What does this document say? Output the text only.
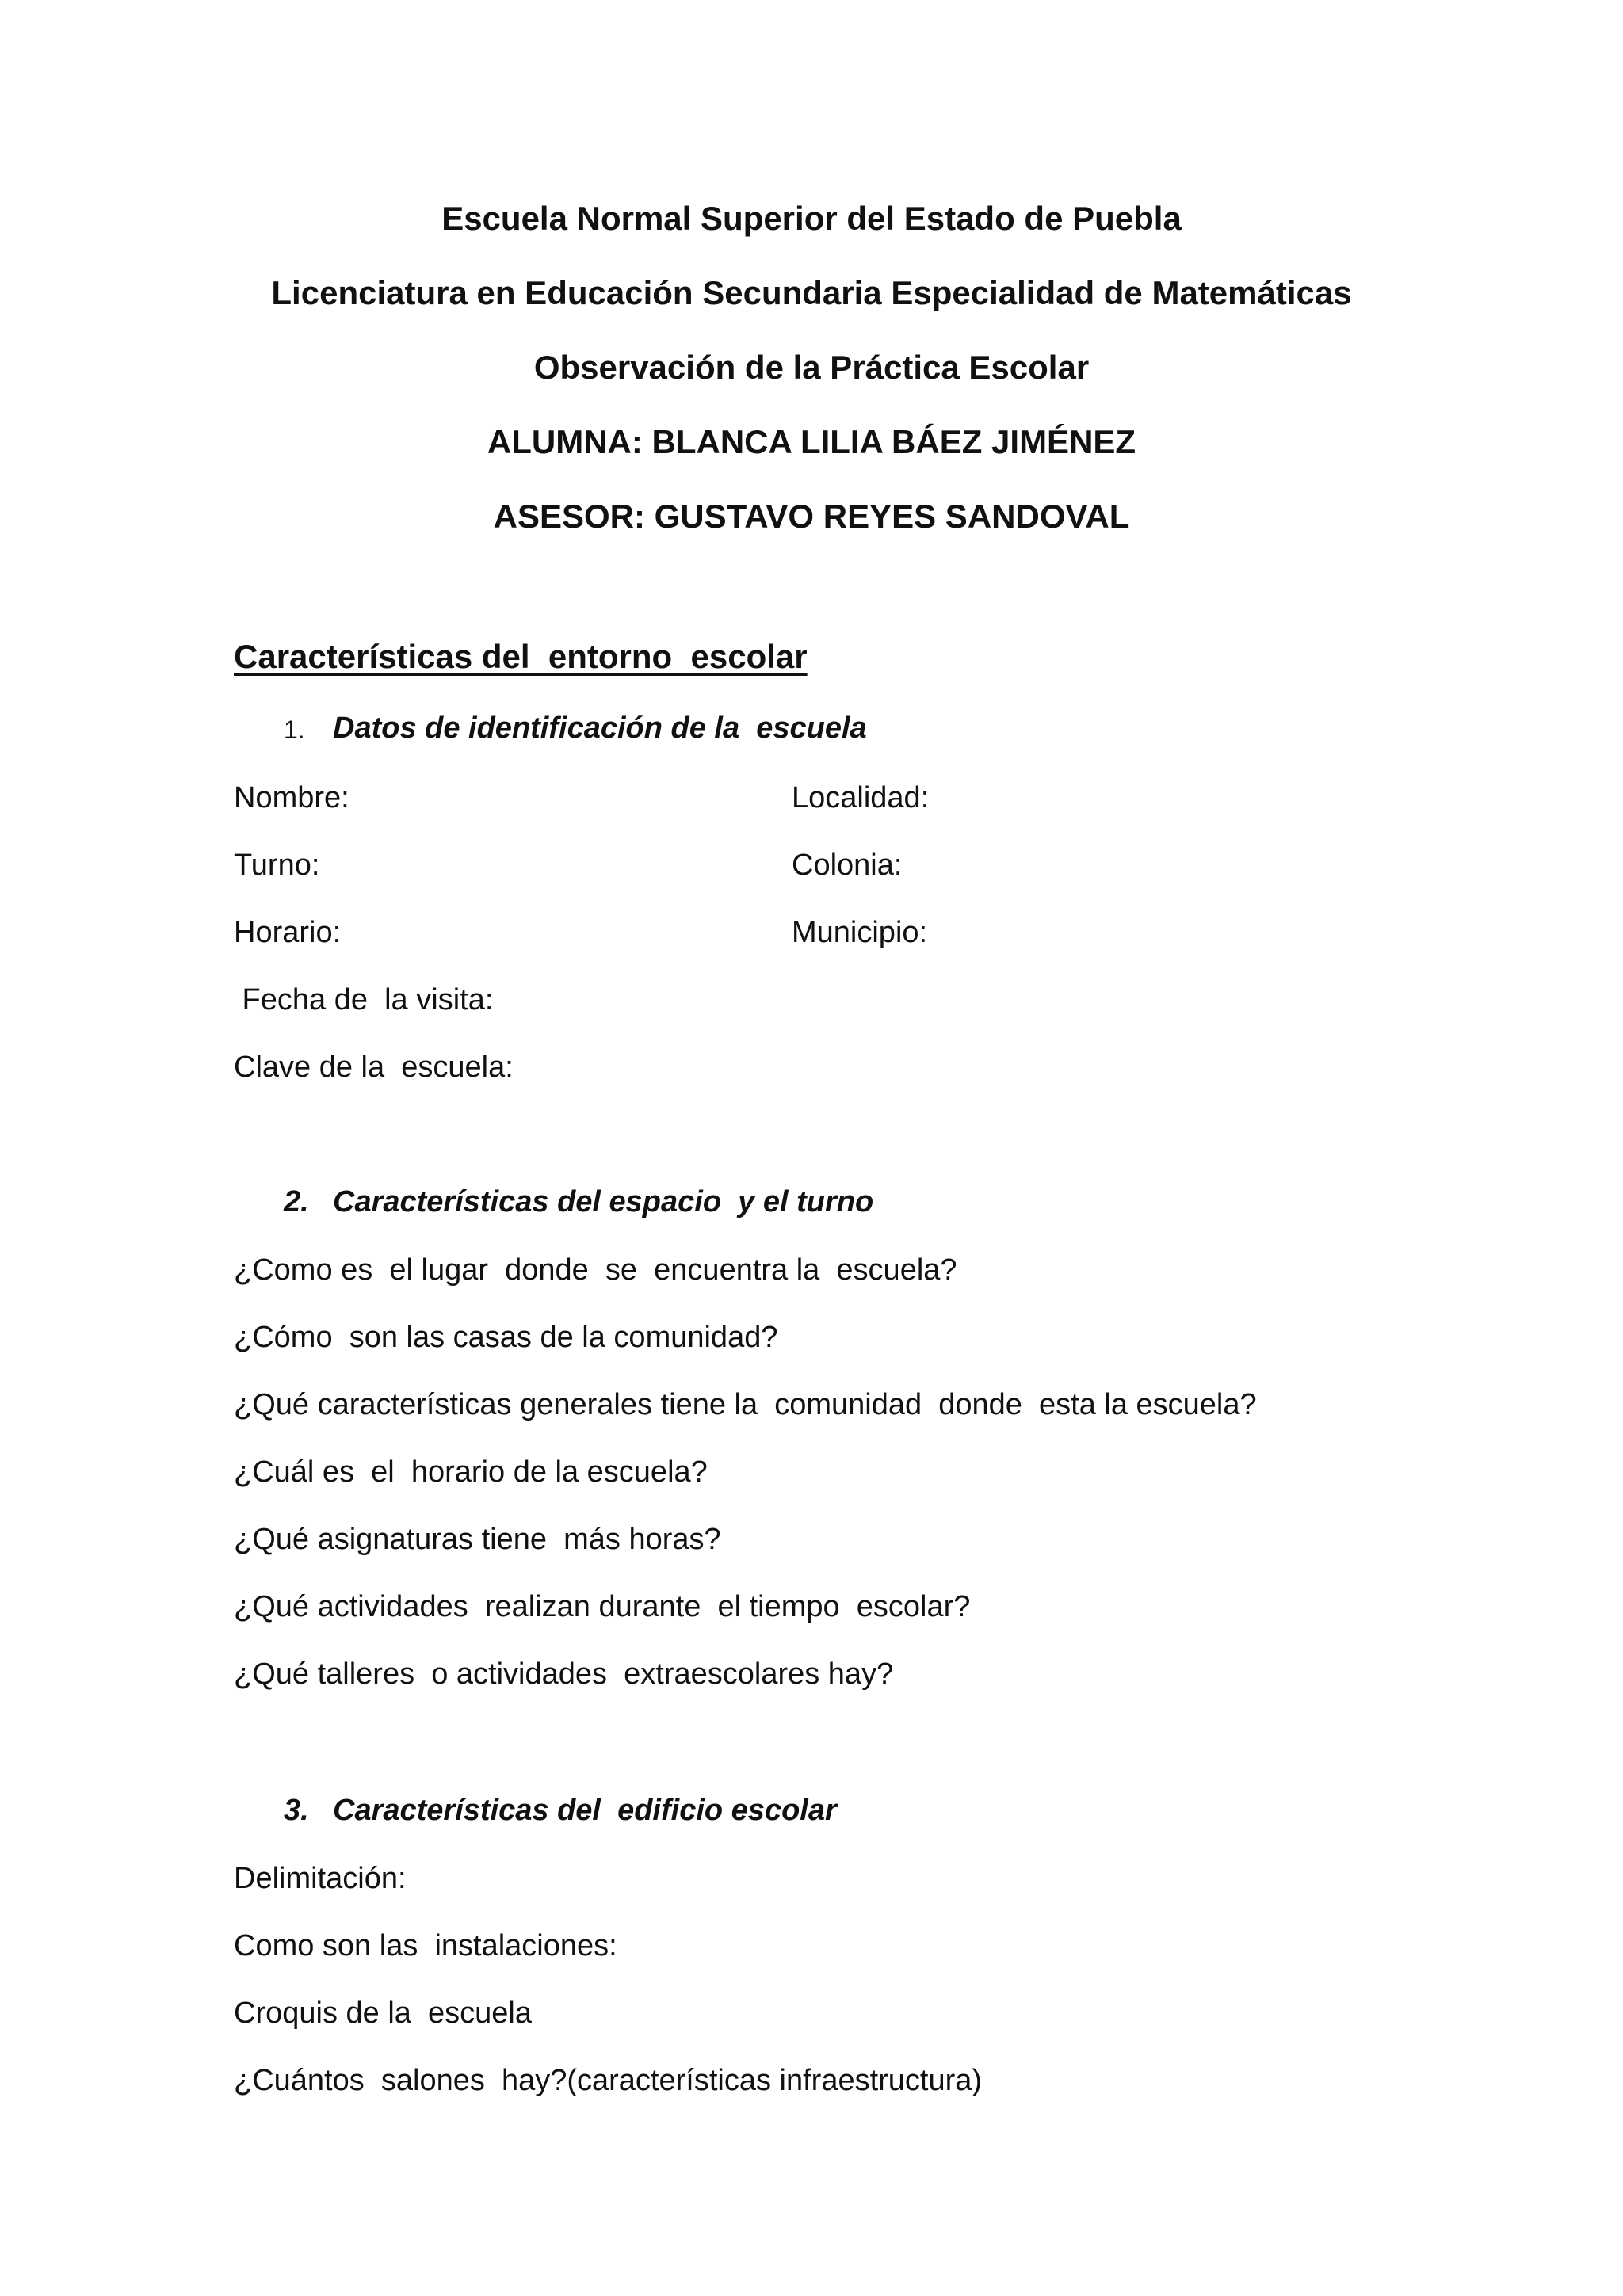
Escuela Normal Superior del Estado de Puebla
Licenciatura en Educación Secundaria Especialidad de Matemáticas
Observación de la Práctica Escolar
ALUMNA: BLANCA LILIA BÁEZ JIMÉNEZ
ASESOR: GUSTAVO REYES SANDOVAL
Características del  entorno  escolar
1. Datos de identificación de la  escuela
Nombre:	Localidad:
Turno:	Colonia:
Horario:	Municipio:
Fecha de  la visita:
Clave de la  escuela:
2. Características del espacio  y el turno
¿Como es  el lugar  donde  se  encuentra la  escuela?
¿Cómo  son las casas de la comunidad?
¿Qué características generales tiene la  comunidad  donde  esta la escuela?
¿Cuál es  el  horario de la escuela?
¿Qué asignaturas tiene  más horas?
¿Qué actividades  realizan durante  el tiempo  escolar?
¿Qué talleres  o actividades  extraescolares hay?
3. Características del  edificio escolar
Delimitación:
Como son las  instalaciones:
Croquis de la  escuela
¿Cuántos  salones  hay?(características infraestructura)
